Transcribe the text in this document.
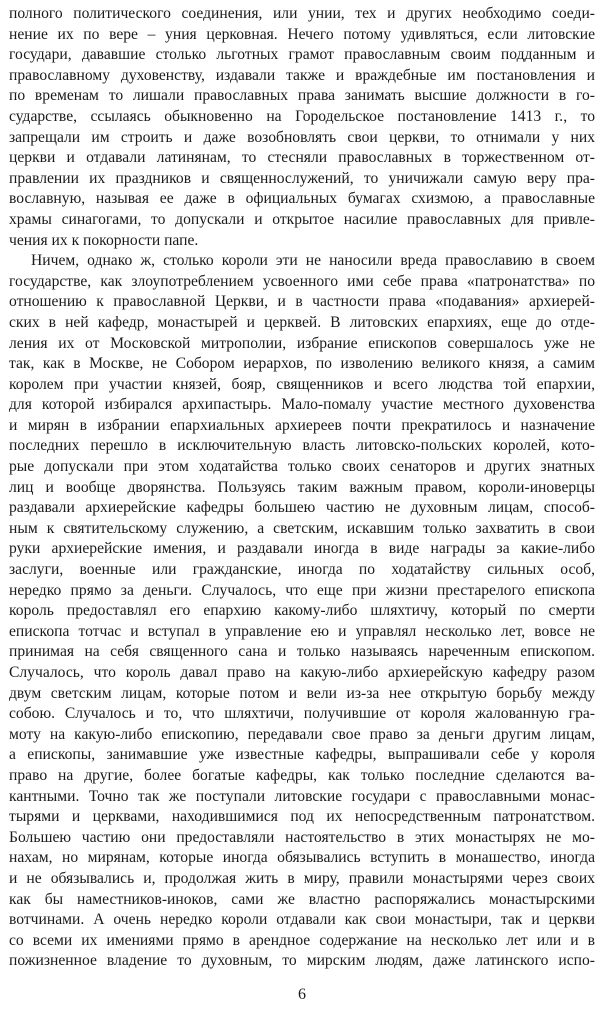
полного политического соединения, или унии, тех и других необходимо соеди-
нение их по вере – уния церковная. Нечего потому удивляться, если литовские
государи, дававшие столько льготных грамот православным своим подданным и
православному духовенству, издавали также и враждебные им постановления и
по временам то лишали православных права занимать высшие должности в го-
сударстве, ссылаясь обыкновенно на Городельское постановление 1413 г., то
запрещали им строить и даже возобновлять свои церкви, то отнимали у них
церкви и отдавали латинянам, то стесняли православных в торжественном от-
правлении их праздников и священнослужений, то уничижали самую веру пра-
вославную, называя ее даже в официальных бумагах схизмою, а православные
храмы синагогами, то допускали и открытое насилие православных для привле-
чения их к покорности папе.
Ничем, однако ж, столько короли эти не наносили вреда православию в своем
государстве, как злоупотреблением усвоенного ими себе права «патронатства» по
отношению к православной Церкви, и в частности права «подавания» архиерей-
ских в ней кафедр, монастырей и церквей. В литовских епархиях, еще до отде-
ления их от Московской митрополии, избрание епископов совершалось уже не
так, как в Москве, не Собором иерархов, по изволению великого князя, а самим
королем при участии князей, бояр, священников и всего людства той епархии,
для которой избирался архипастырь. Мало-помалу участие местного духовенства
и мирян в избрании епархиальных архиереев почти прекратилось и назначение
последних перешло в исключительную власть литовско-польских королей, кото-
рые допускали при этом ходатайства только своих сенаторов и других знатных
лиц и вообще дворянства. Пользуясь таким важным правом, короли-иноверцы
раздавали архиерейские кафедры большею частию не духовным лицам, способ-
ным к святительскому служению, а светским, искавшим только захватить в свои
руки архиерейские имения, и раздавали иногда в виде награды за какие-либо
заслуги, военные или гражданские, иногда по ходатайству сильных особ,
нередко прямо за деньги. Случалось, что еще при жизни престарелого епископа
король предоставлял его епархию какому-либо шляхтичу, который по смерти
епископа тотчас и вступал в управление ею и управлял несколько лет, вовсе не
принимая на себя священного сана и только называясь нареченным епископом.
Случалось, что король давал право на какую-либо архиерейскую кафедру разом
двум светским лицам, которые потом и вели из-за нее открытую борьбу между
собою. Случалось и то, что шляхтичи, получившие от короля жалованную гра-
моту на какую-либо епископию, передавали свое право за деньги другим лицам,
а епископы, занимавшие уже известные кафедры, выпрашивали себе у короля
право на другие, более богатые кафедры, как только последние сделаются ва-
кантными. Точно так же поступали литовские государи с православными монас-
тырями и церквами, находившимися под их непосредственным патронатством.
Большею частию они предоставляли настоятельство в этих монастырях не мо-
нахам, но мирянам, которые иногда обязывались вступить в монашество, иногда
и не обязывались и, продолжая жить в миру, правили монастырями через своих
как бы наместников-иноков, сами же властно распоряжались монастырскими
вотчинами. А очень нередко короли отдавали как свои монастыри, так и церкви
со всеми их имениями прямо в арендное содержание на несколько лет или и в
пожизненное владение то духовным, то мирским людям, даже латинского испо-
6
